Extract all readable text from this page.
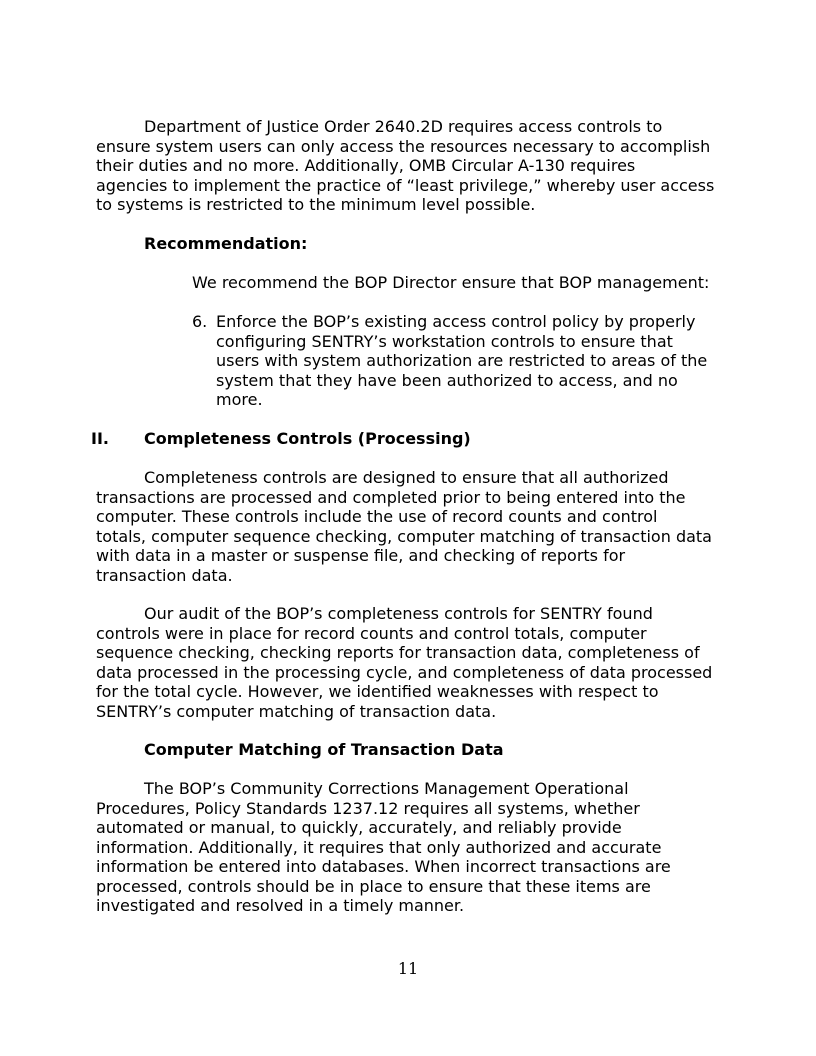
Department of Justice Order 2640.2D requires access controls to
ensure system users can only access the resources necessary to accomplish
their duties and no more. Additionally, OMB Circular A-130 requires
agencies to implement the practice of “least privilege,” whereby user access
to systems is restricted to the minimum level possible.

Recommendation:

We recommend the BOP Director ensure that BOP management:

6. Enforce the BOP’s existing access control policy by properly
configuring SENTRY’s workstation controls to ensure that
users with system authorization are restricted to areas of the
system that they have been authorized to access, and no
more.

II. Completeness Controls (Processing)

Completeness controls are designed to ensure that all authorized
transactions are processed and completed prior to being entered into the
computer. These controls include the use of record counts and control
totals, computer sequence checking, computer matching of transaction data
with data in a master or suspense file, and checking of reports for
transaction data.

Our audit of the BOP’s completeness controls for SENTRY found
controls were in place for record counts and control totals, computer
sequence checking, checking reports for transaction data, completeness of
data processed in the processing cycle, and completeness of data processed
for the total cycle. However, we identified weaknesses with respect to
SENTRY’s computer matching of transaction data.

Computer Matching of Transaction Data

The BOP’s Community Corrections Management Operational
Procedures, Policy Standards 1237.12 requires all systems, whether
automated or manual, to quickly, accurately, and reliably provide
information. Additionally, it requires that only authorized and accurate
information be entered into databases. When incorrect transactions are
processed, controls should be in place to ensure that these items are
investigated and resolved in a timely manner.

11
